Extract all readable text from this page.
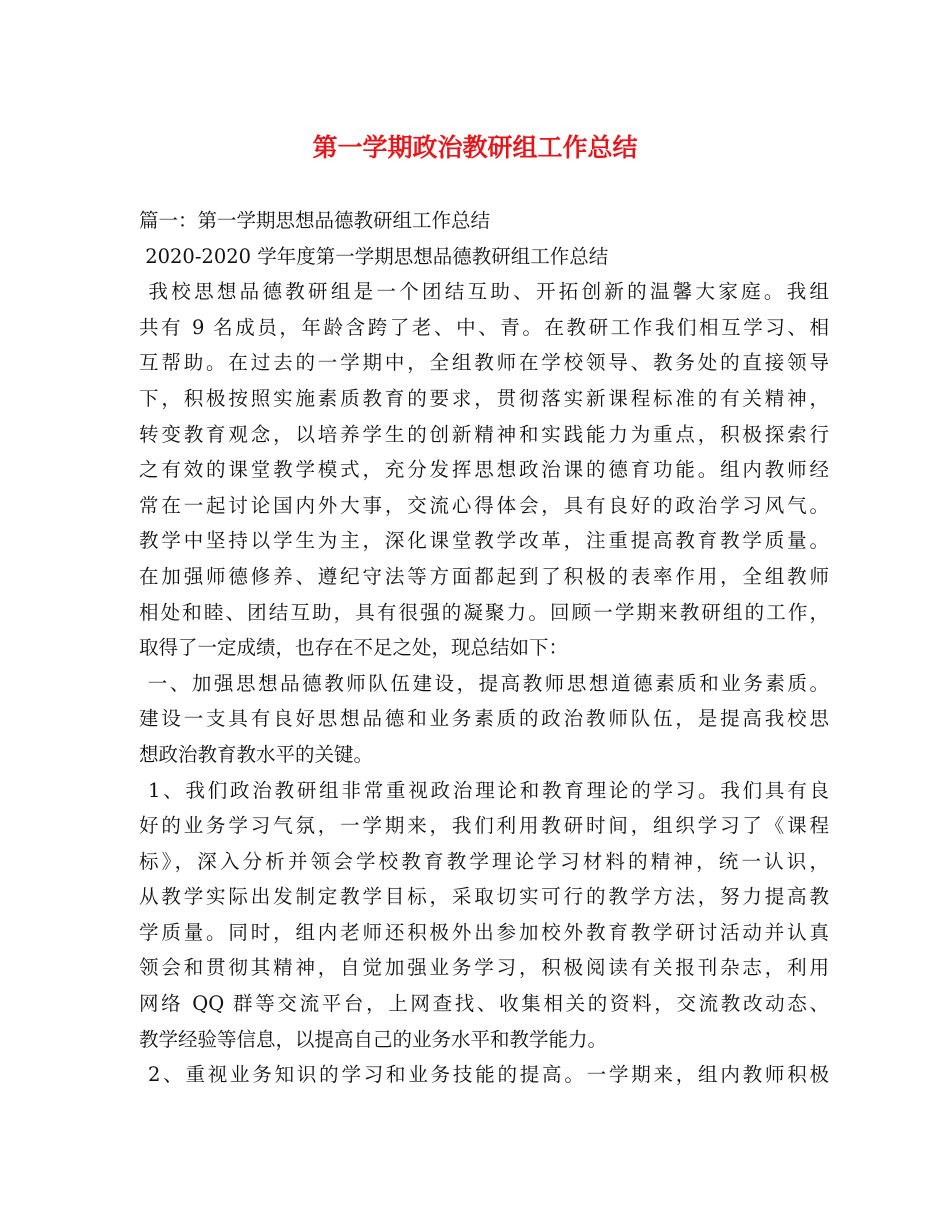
第一学期政治教研组工作总结
篇一：第一学期思想品德教研组工作总结
2020-2020 学年度第一学期思想品德教研组工作总结
我校思想品德教研组是一个团结互助、开拓创新的温馨大家庭。我组
共有 9 名成员，年龄含跨了老、中、青。在教研工作我们相互学习、相
互帮助。在过去的一学期中，全组教师在学校领导、教务处的直接领导
下，积极按照实施素质教育的要求，贯彻落实新课程标准的有关精神，
转变教育观念，以培养学生的创新精神和实践能力为重点，积极探索行
之有效的课堂教学模式，充分发挥思想政治课的德育功能。组内教师经
常在一起讨论国内外大事，交流心得体会，具有良好的政治学习风气。
教学中坚持以学生为主，深化课堂教学改革，注重提高教育教学质量。
在加强师德修养、遵纪守法等方面都起到了积极的表率作用，全组教师
相处和睦、团结互助，具有很强的凝聚力。回顾一学期来教研组的工作，
取得了一定成绩，也存在不足之处，现总结如下：
一、加强思想品德教师队伍建设，提高教师思想道德素质和业务素质。
建设一支具有良好思想品德和业务素质的政治教师队伍，是提高我校思
想政治教育教水平的关键。
1、我们政治教研组非常重视政治理论和教育理论的学习。我们具有良
好的业务学习气氛，一学期来，我们利用教研时间，组织学习了《课程
标》，深入分析并领会学校教育教学理论学习材料的精神，统一认识，
从教学实际出发制定教学目标，采取切实可行的教学方法，努力提高教
学质量。同时，组内老师还积极外出参加校外教育教学研讨活动并认真
领会和贯彻其精神，自觉加强业务学习，积极阅读有关报刊杂志，利用
网络 QQ 群等交流平台，上网查找、收集相关的资料，交流教改动态、
教学经验等信息，以提高自己的业务水平和教学能力。
2、重视业务知识的学习和业务技能的提高。一学期来，组内教师积极
